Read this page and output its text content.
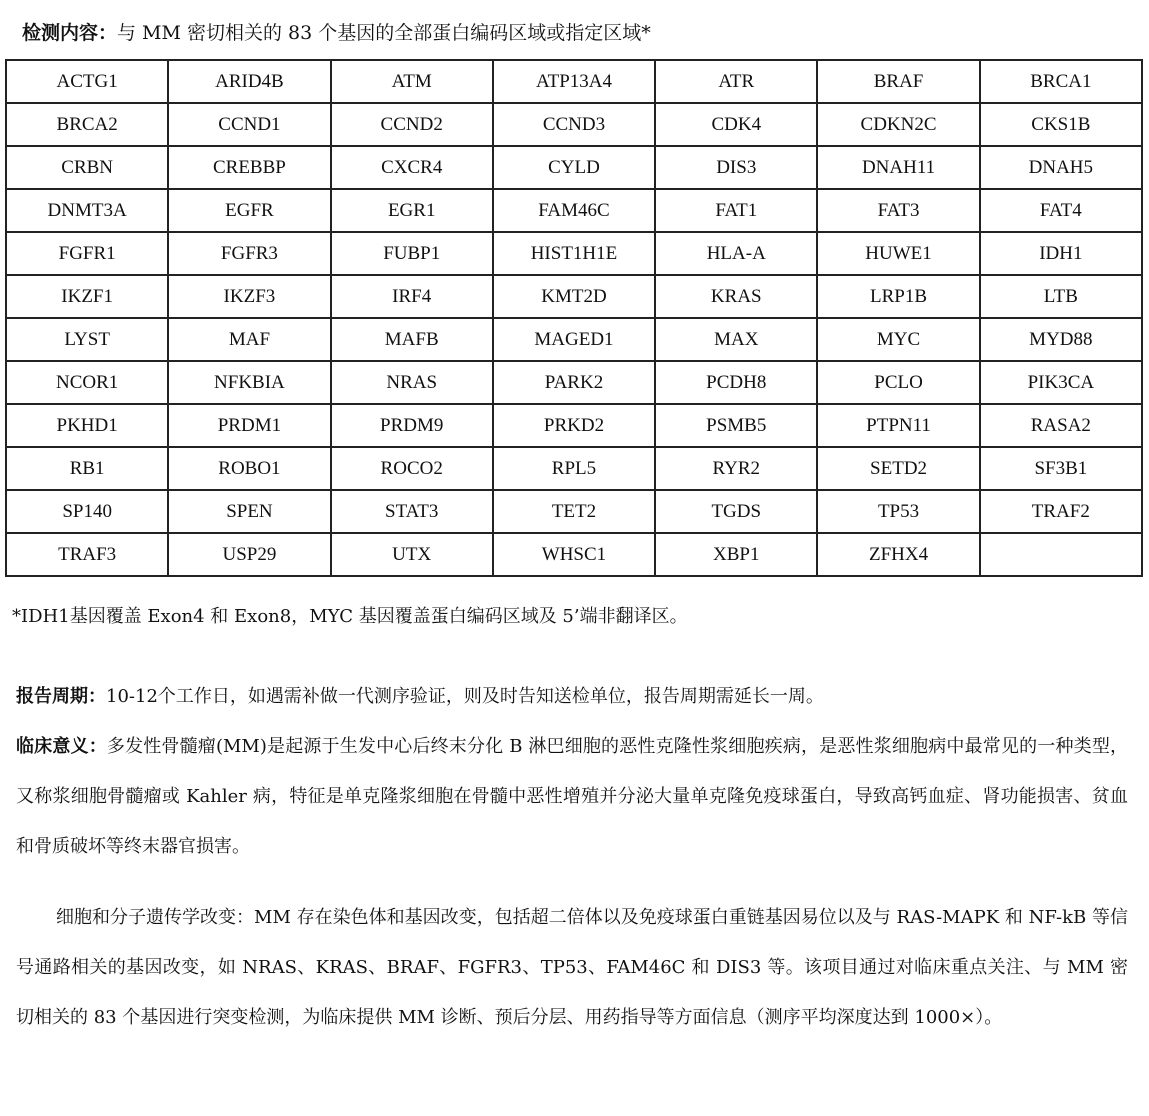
检测内容：与 MM 密切相关的 83 个基因的全部蛋白编码区域或指定区域*
ACTG1	ARID4B	ATM	ATP13A4	ATR	BRAF	BRCA1
BRCA2	CCND1	CCND2	CCND3	CDK4	CDKN2C	CKS1B
CRBN	CREBBP	CXCR4	CYLD	DIS3	DNAH11	DNAH5
DNMT3A	EGFR	EGR1	FAM46C	FAT1	FAT3	FAT4
FGFR1	FGFR3	FUBP1	HIST1H1E	HLA-A	HUWE1	IDH1
IKZF1	IKZF3	IRF4	KMT2D	KRAS	LRP1B	LTB
LYST	MAF	MAFB	MAGED1	MAX	MYC	MYD88
NCOR1	NFKBIA	NRAS	PARK2	PCDH8	PCLO	PIK3CA
PKHD1	PRDM1	PRDM9	PRKD2	PSMB5	PTPN11	RASA2
RB1	ROBO1	ROCO2	RPL5	RYR2	SETD2	SF3B1
SP140	SPEN	STAT3	TET2	TGDS	TP53	TRAF2
TRAF3	USP29	UTX	WHSC1	XBP1	ZFHX4	
*IDH1基因覆盖 Exon4 和 Exon8，MYC 基因覆盖蛋白编码区域及 5’端非翻译区。
报告周期：10-12个工作日，如遇需补做一代测序验证，则及时告知送检单位，报告周期需延长一周。
临床意义：多发性骨髓瘤(MM)是起源于生发中心后终末分化 B 淋巴细胞的恶性克隆性浆细胞疾病，是恶性浆细胞病中最常见的一种类型，又称浆细胞骨髓瘤或 Kahler 病，特征是单克隆浆细胞在骨髓中恶性增殖并分泌大量单克隆免疫球蛋白，导致高钙血症、肾功能损害、贫血和骨质破坏等终末器官损害。
细胞和分子遗传学改变：MM 存在染色体和基因改变，包括超二倍体以及免疫球蛋白重链基因易位以及与 RAS-MAPK 和 NF-kB 等信号通路相关的基因改变，如 NRAS、KRAS、BRAF、FGFR3、TP53、FAM46C 和 DIS3 等。该项目通过对临床重点关注、与 MM 密切相关的 83 个基因进行突变检测，为临床提供 MM 诊断、预后分层、用药指导等方面信息（测序平均深度达到 1000×）。
